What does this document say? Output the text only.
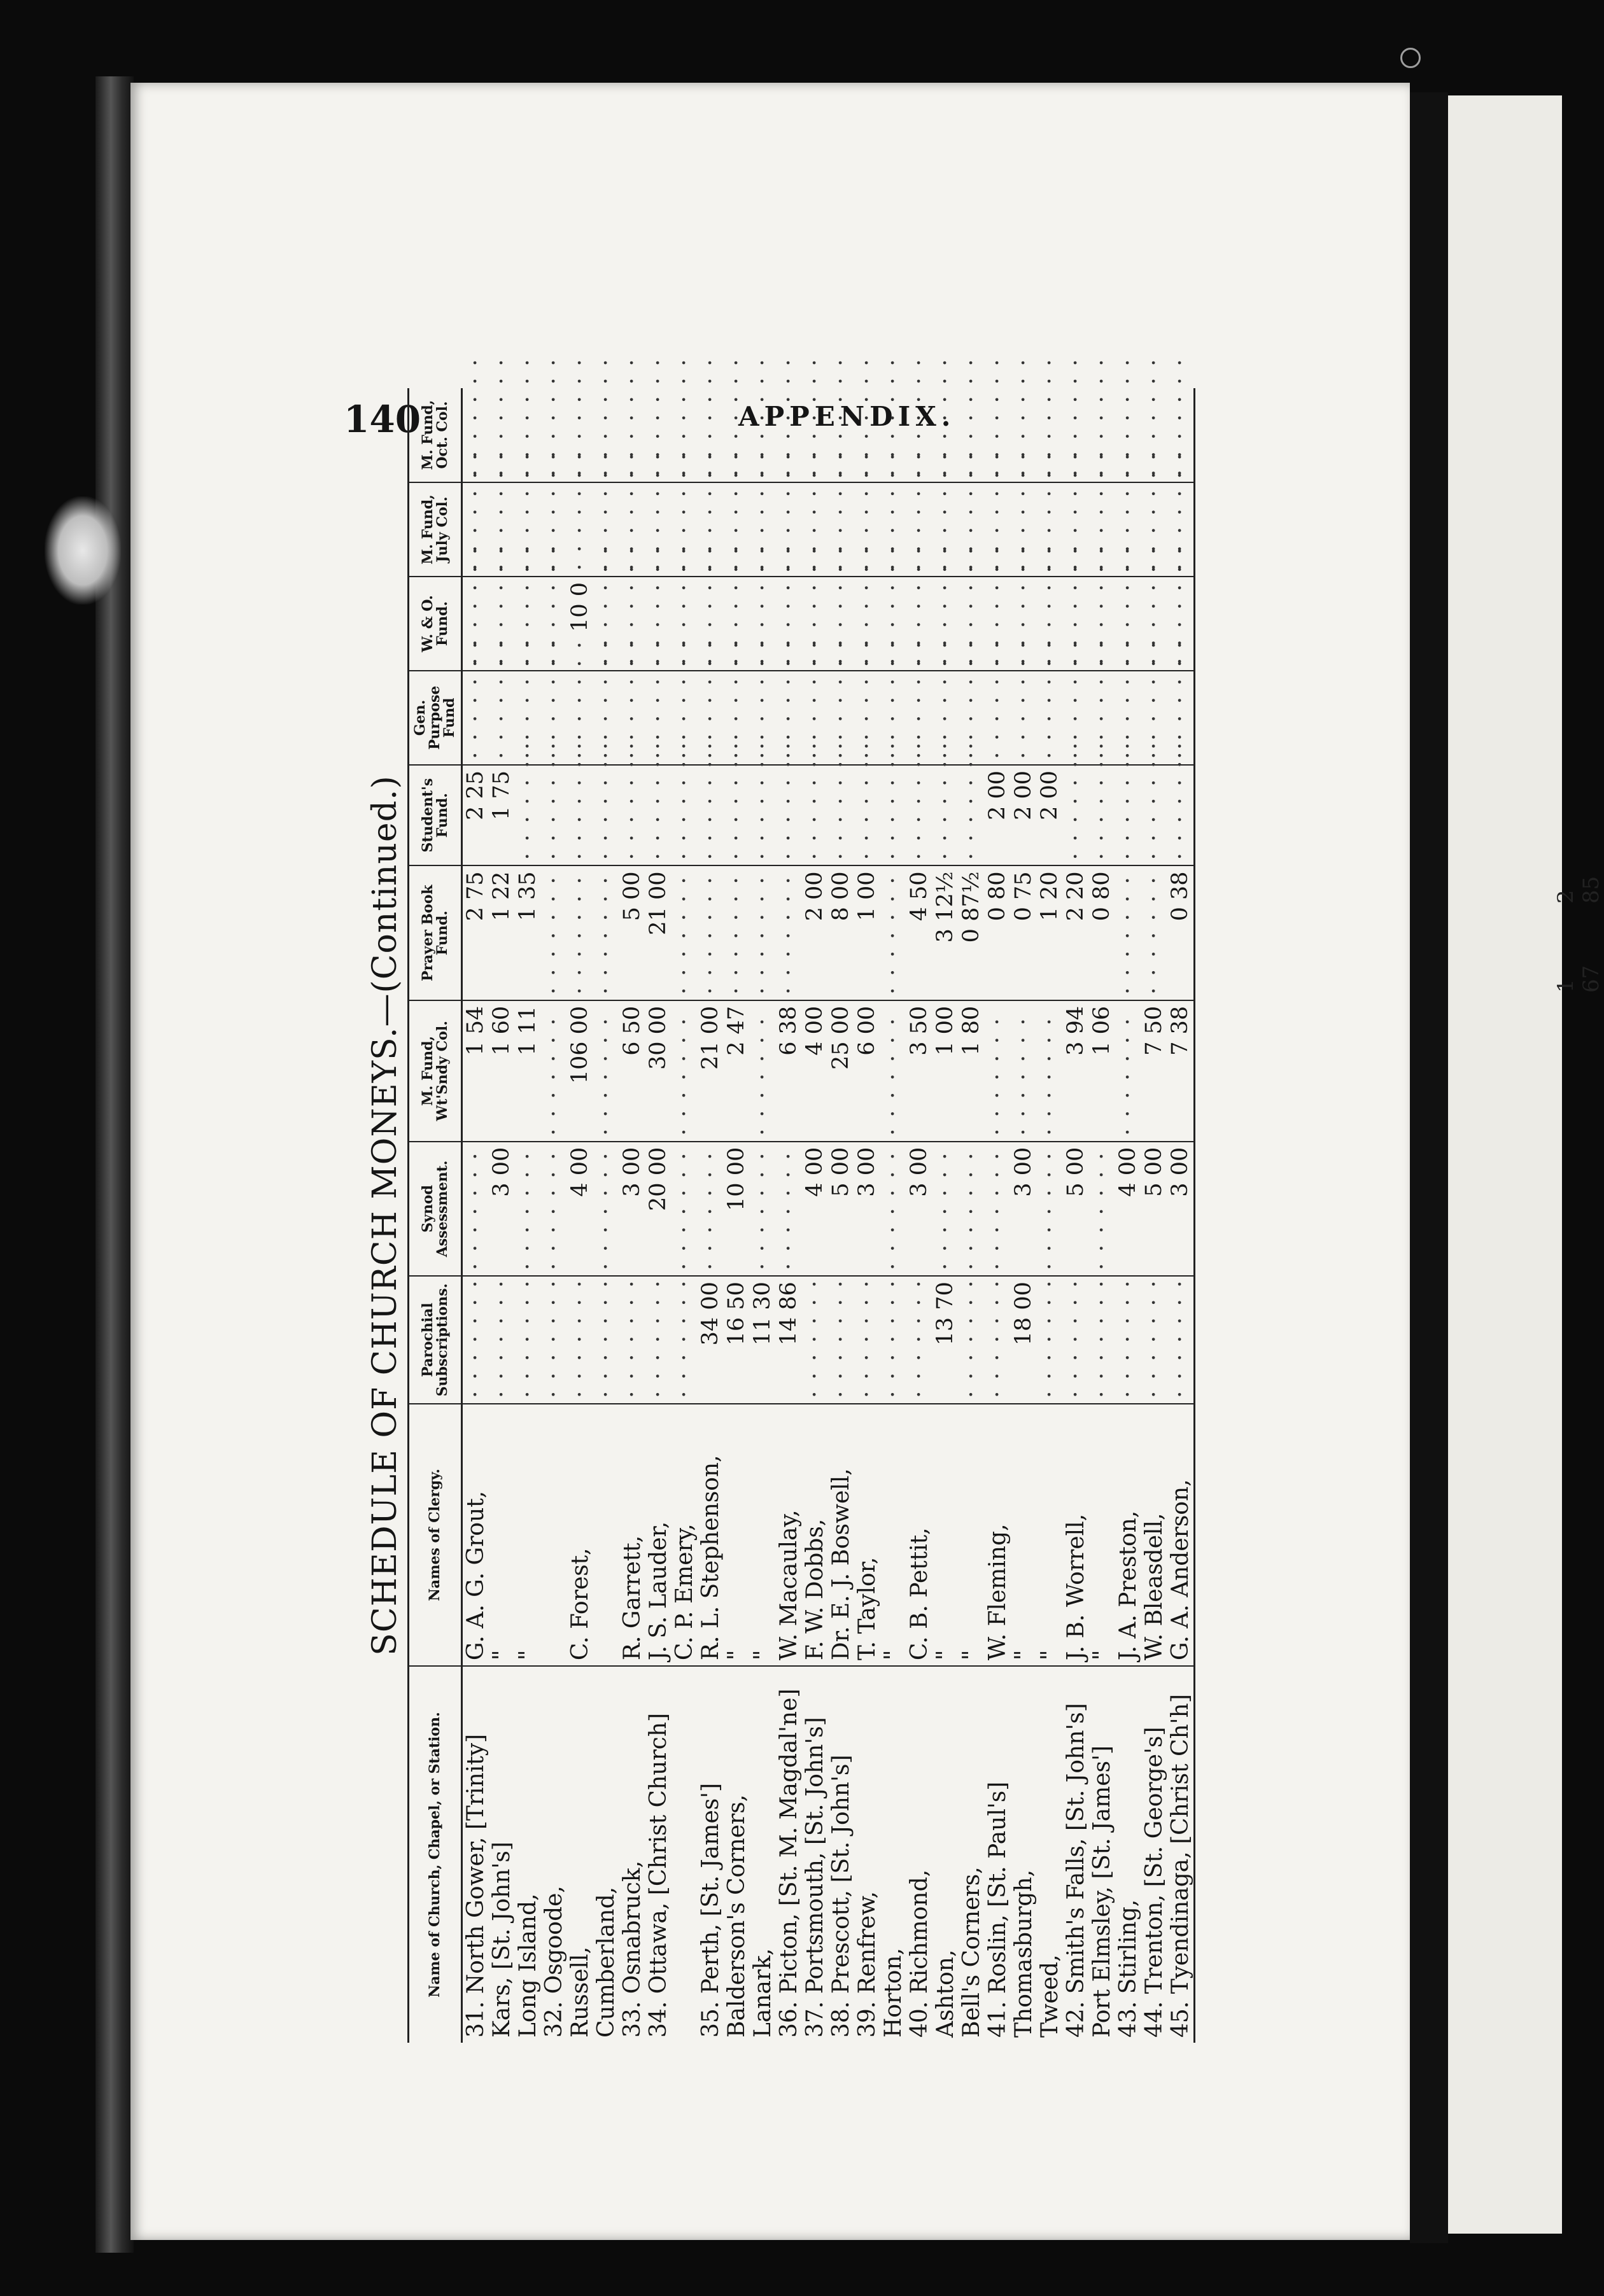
SCHEDULE OF CHURCH MONEYS.—(Continued.)
140	APPENDIX.
Name of Church, Chapel, or Station.	Names of Clergy.	Parochial Subscriptions.	Synod Assessment.	M. Fund, Wt'Sndy Col.	Prayer Book Fund.	Student's Fund.	Gen. Purpose Fund	W. & O. Fund.	M. Fund, July Col.	M. Fund, Oct. Col.
31. North Gower, [Trinity]	G. A. G. Grout,	· · · · · · ·	· · · · · · ·	1 54	2 75	2 25	· · · · · · ·	· · · · · · ·	· · · · · · ·	· · · · · · ·
Kars, [St. John's]	"	· · · · · · ·	3 00	1 60	1 22	1 75	· · · · · · ·	· · · · · · ·	· · · · · · ·	· · · · · · ·
Long Island,	"	· · · · · · ·	· · · · · · ·	1 11	1 35	· · · · · · ·	· · · · · · ·	· · · · · · ·	· · · · · · ·	· · · · · · ·
32. Osgoode,		· · · · · · ·	· · · · · · ·	· · · · · · ·	· · · · · · ·	· · · · · · ·	· · · · · · ·	· · · · · · ·	· · · · · · ·	· · · · · · ·
Russell,	C. Forest,	· · · · · · ·	4 00	106 00	· · · · · · ·	· · · · · · ·	· · · · · · ·	10 0	· · · · · · ·	· · · · · · ·
Cumberland,		· · · · · · ·	· · · · · · ·	· · · · · · ·	· · · · · · ·	· · · · · · ·	· · · · · · ·	· · · · · · ·	· · · · · · ·	· · · · · · ·
33. Osnabruck,	R. Garrett,	· · · · · · ·	3 00	6 50	5 00	· · · · · · ·	· · · · · · ·	· · · · · · ·	· · · · · · ·	· · · · · · ·
34. Ottawa, [Christ Church]	J. S. Lauder,	· · · · · · ·	20 00	30 00	21 00	· · · · · · ·	· · · · · · ·	· · · · · · ·	· · · · · · ·	· · · · · · ·
	C. P. Emery,	· · · · · · ·	· · · · · · ·	· · · · · · ·	· · · · · · ·	· · · · · · ·	· · · · · · ·	· · · · · · ·	· · · · · · ·	· · · · · · ·
35. Perth, [St. James']	R. L. Stephenson,	34 00	· · · · · · ·	21 00	· · · · · · ·	· · · · · · ·	· · · · · · ·	· · · · · · ·	· · · · · · ·	· · · · · · ·
Balderson's Corners,	"	16 50	10 00	2 47	· · · · · · ·	· · · · · · ·	· · · · · · ·	· · · · · · ·	· · · · · · ·	· · · · · · ·
Lanark,	"	11 30	· · · · · · ·	· · · · · · ·	· · · · · · ·	· · · · · · ·	· · · · · · ·	· · · · · · ·	· · · · · · ·	· · · · · · ·
36. Picton, [St. M. Magdal'ne]	W. Macaulay,	14 86	· · · · · · ·	6 38	· · · · · · ·	· · · · · · ·	· · · · · · ·	· · · · · · ·	· · · · · · ·	· · · · · · ·
37. Portsmouth, [St. John's]	F. W. Dobbs,	· · · · · · ·	4 00	4 00	2 00	· · · · · · ·	· · · · · · ·	· · · · · · ·	· · · · · · ·	· · · · · · ·
38. Prescott, [St. John's]	Dr. E. J. Boswell,	· · · · · · ·	5 00	25 00	8 00	· · · · · · ·	· · · · · · ·	· · · · · · ·	· · · · · · ·	· · · · · · ·
39. Renfrew,	T. Taylor,	· · · · · · ·	3 00	6 00	1 00	· · · · · · ·	· · · · · · ·	· · · · · · ·	· · · · · · ·	· · · · · · ·
Horton,	"	· · · · · · ·	· · · · · · ·	· · · · · · ·	· · · · · · ·	· · · · · · ·	· · · · · · ·	· · · · · · ·	· · · · · · ·	· · · · · · ·
40. Richmond,	C. B. Pettit,	· · · · · · ·	3 00	3 50	4 50	· · · · · · ·	· · · · · · ·	· · · · · · ·	· · · · · · ·	· · · · · · ·
Ashton,	"	13 70	· · · · · · ·	1 00	3 12½	· · · · · · ·	· · · · · · ·	· · · · · · ·	· · · · · · ·	· · · · · · ·
Bell's Corners,	"	· · · · · · ·	· · · · · · ·	1 80	0 87½	· · · · · · ·	· · · · · · ·	· · · · · · ·	· · · · · · ·	· · · · · · ·
41. Roslin, [St. Paul's]	W. Fleming,	· · · · · · ·	· · · · · · ·	· · · · · · ·	0 80	2 00	· · · · · · ·	· · · · · · ·	· · · · · · ·	· · · · · · ·
Thomasburgh,	"	18 00	3 00	· · · · · · ·	0 75	2 00	· · · · · · ·	· · · · · · ·	· · · · · · ·	· · · · · · ·
Tweed,	"	· · · · · · ·	· · · · · · ·	· · · · · · ·	1 20	2 00	· · · · · · ·	· · · · · · ·	· · · · · · ·	· · · · · · ·
42. Smith's Falls, [St. John's]	J. B. Worrell,	· · · · · · ·	5 00	3 94	2 20	· · · · · · ·	· · · · · · ·	· · · · · · ·	· · · · · · ·	· · · · · · ·
Port Elmsley, [St. James']	"	· · · · · · ·	· · · · · · ·	1 06	0 80	· · · · · · ·	· · · · · · ·	· · · · · · ·	· · · · · · ·	· · · · · · ·
43. Stirling,	J. A. Preston,	· · · · · · ·	4 00	· · · · · · ·	· · · · · · ·	· · · · · · ·	· · · · · · ·	· · · · · · ·	· · · · · · ·	· · · · · · ·
44. Trenton, [St. George's]	W. Bleasdell,	· · · · · · ·	5 00	7 50	· · · · · · ·	· · · · · · ·	· · · · · · ·	· · · · · · ·	· · · · · · ·	· · · · · · ·
45. Tyendinaga, [Christ Ch'h]	G. A. Anderson,	· · · · · · ·	3 00	7 38	0 38	· · · · · · ·	· · · · · · ·	· · · · · · ·	· · · · · · ·	· · · · · · ·
1 67
2 85
